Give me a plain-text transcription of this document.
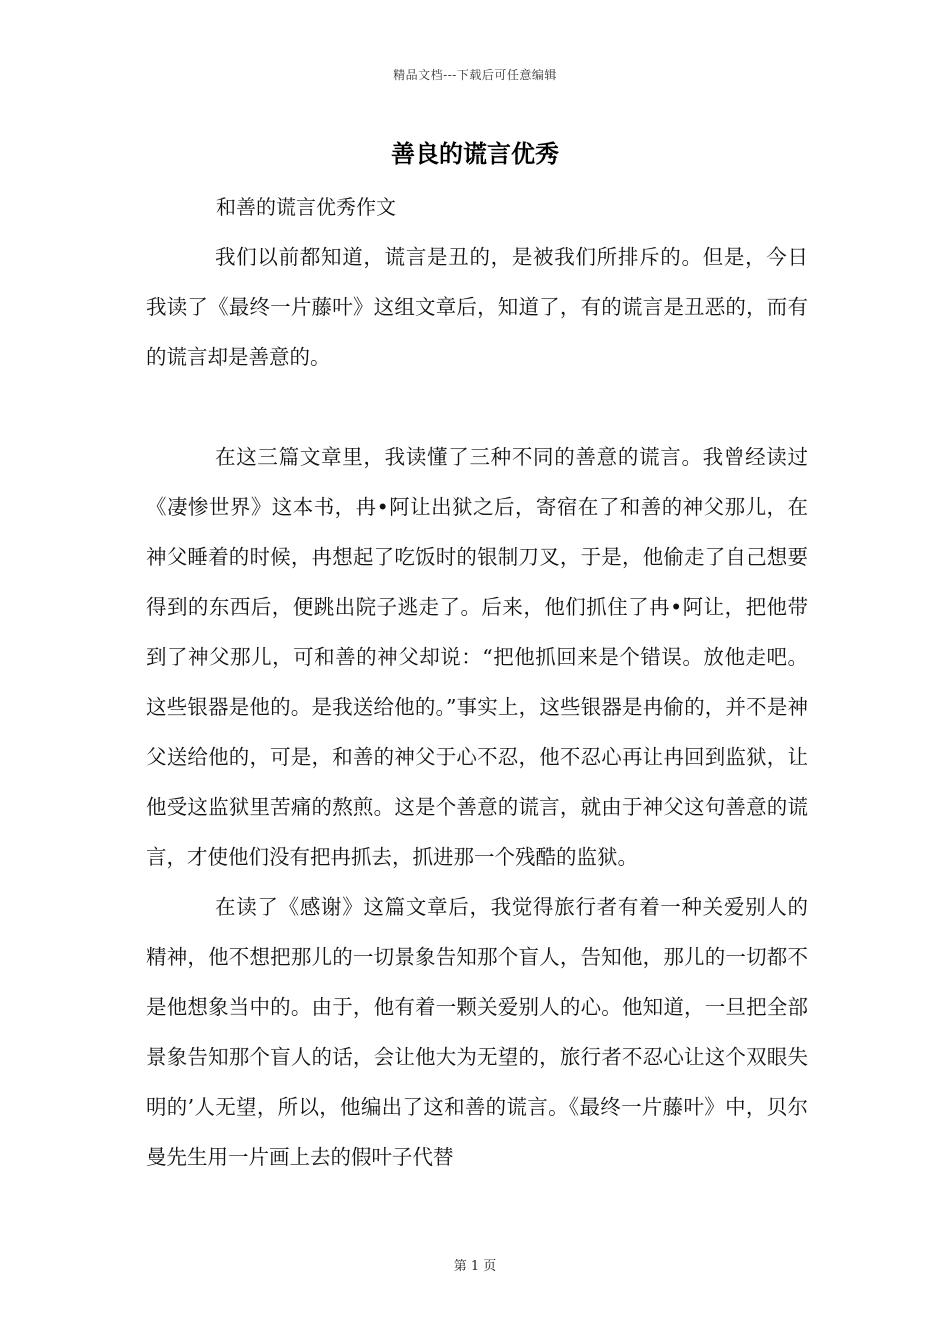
精品文档---下载后可任意编辑
善良的谎言优秀
和善的谎言优秀作文

我们以前都知道，谎言是丑的，是被我们所排斥的。但是，今日我读了《最终一片藤叶》这组文章后，知道了，有的谎言是丑恶的，而有的谎言却是善意的。

在这三篇文章里，我读懂了三种不同的善意的谎言。我曾经读过《凄惨世界》这本书，冉•阿让出狱之后，寄宿在了和善的神父那儿，在神父睡着的时候，冉想起了吃饭时的银制刀叉，于是，他偷走了自己想要得到的东西后，便跳出院子逃走了。后来，他们抓住了冉•阿让，把他带到了神父那儿，可和善的神父却说：“把他抓回来是个错误。放他走吧。这些银器是他的。是我送给他的。”事实上，这些银器是冉偷的，并不是神父送给他的，可是，和善的神父于心不忍，他不忍心再让冉回到监狱，让他受这监狱里苦痛的熬煎。这是个善意的谎言，就由于神父这句善意的谎言，才使他们没有把冉抓去，抓进那一个残酷的监狱。

在读了《感谢》这篇文章后，我觉得旅行者有着一种关爱别人的精神，他不想把那儿的一切景象告知那个盲人，告知他，那儿的一切都不是他想象当中的。由于，他有着一颗关爱别人的心。他知道，一旦把全部景象告知那个盲人的话，会让他大为无望的，旅行者不忍心让这个双眼失明的’人无望，所以，他编出了这和善的谎言。《最终一片藤叶》中，贝尔曼先生用一片画上去的假叶子代替

第 1 页
